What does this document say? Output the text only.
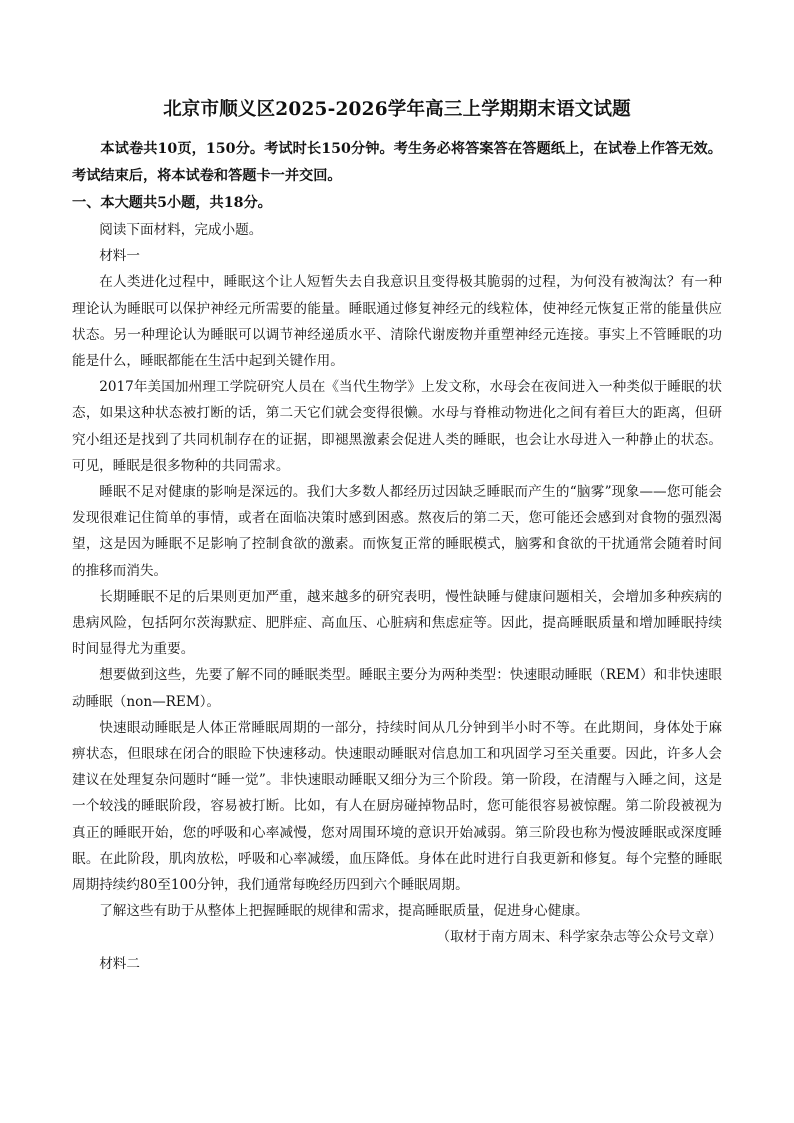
北京市顺义区2025-2026学年高三上学期期末语文试题

本试卷共10页，150分。考试时长150分钟。考生务必将答案答在答题纸上，在试卷上作答无效。考试结束后，将本试卷和答题卡一并交回。

一、本大题共5小题，共18分。

阅读下面材料，完成小题。

材料一

在人类进化过程中，睡眠这个让人短暂失去自我意识且变得极其脆弱的过程，为何没有被淘汰？有一种理论认为睡眠可以保护神经元所需要的能量。睡眠通过修复神经元的线粒体，使神经元恢复正常的能量供应状态。另一种理论认为睡眠可以调节神经递质水平、清除代谢废物并重塑神经元连接。事实上不管睡眠的功能是什么，睡眠都能在生活中起到关键作用。

2017年美国加州理工学院研究人员在《当代生物学》上发文称，水母会在夜间进入一种类似于睡眠的状态，如果这种状态被打断的话，第二天它们就会变得很懒。水母与脊椎动物进化之间有着巨大的距离，但研究小组还是找到了共同机制存在的证据，即褪黑激素会促进人类的睡眠，也会让水母进入一种静止的状态。可见，睡眠是很多物种的共同需求。

睡眠不足对健康的影响是深远的。我们大多数人都经历过因缺乏睡眠而产生的“脑雾”现象——您可能会发现很难记住简单的事情，或者在面临决策时感到困惑。熬夜后的第二天，您可能还会感到对食物的强烈渴望，这是因为睡眠不足影响了控制食欲的激素。而恢复正常的睡眠模式，脑雾和食欲的干扰通常会随着时间的推移而消失。

长期睡眠不足的后果则更加严重，越来越多的研究表明，慢性缺睡与健康问题相关，会增加多种疾病的患病风险，包括阿尔茨海默症、肥胖症、高血压、心脏病和焦虑症等。因此，提高睡眠质量和增加睡眠持续时间显得尤为重要。

想要做到这些，先要了解不同的睡眠类型。睡眠主要分为两种类型：快速眼动睡眠（REM）和非快速眼动睡眠（non—REM）。

快速眼动睡眠是人体正常睡眠周期的一部分，持续时间从几分钟到半小时不等。在此期间，身体处于麻痹状态，但眼球在闭合的眼睑下快速移动。快速眼动睡眠对信息加工和巩固学习至关重要。因此，许多人会建议在处理复杂问题时“睡一觉”。非快速眼动睡眠又细分为三个阶段。第一阶段，在清醒与入睡之间，这是一个较浅的睡眠阶段，容易被打断。比如，有人在厨房碰掉物品时，您可能很容易被惊醒。第二阶段被视为真正的睡眠开始，您的呼吸和心率减慢，您对周围环境的意识开始减弱。第三阶段也称为慢波睡眠或深度睡眠。在此阶段，肌肉放松，呼吸和心率减缓，血压降低。身体在此时进行自我更新和修复。每个完整的睡眠周期持续约80至100分钟，我们通常每晚经历四到六个睡眠周期。

了解这些有助于从整体上把握睡眠的规律和需求，提高睡眠质量，促进身心健康。

（取材于南方周末、科学家杂志等公众号文章）

材料二
